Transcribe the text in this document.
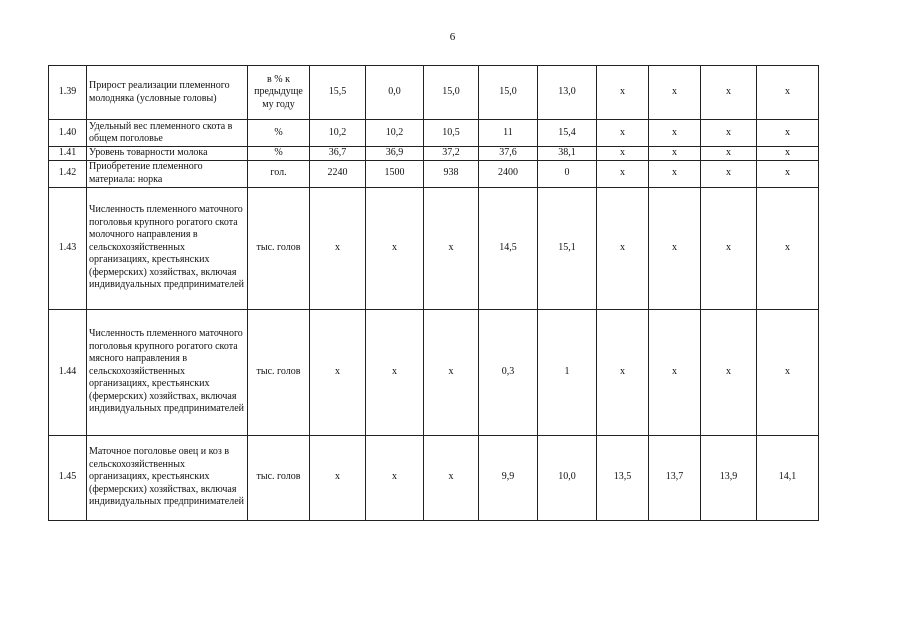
6
1.39	Прирост реализации племенного молодняка (условные головы)	в % к предыдуще му году	15,5	0,0	15,0	15,0	13,0	х	х	х	х
1.40	Удельный вес племенного скота в общем поголовье	%	10,2	10,2	10,5	11	15,4	х	х	х	х
1.41	Уровень товарности молока	%	36,7	36,9	37,2	37,6	38,1	х	х	х	х
1.42	Приобретение племенного материала: норка	гол.	2240	1500	938	2400	0	х	х	х	х
1.43	Численность племенного маточного поголовья крупного рогатого скота молочного направления в сельскохозяйственных организациях, крестьянских (фермерских) хозяйствах, включая индивидуальных предпринимателей	тыс. голов	х	х	х	14,5	15,1	х	х	х	х
1.44	Численность племенного маточного поголовья крупного рогатого скота мясного направления в сельскохозяйственных организациях, крестьянских (фермерских) хозяйствах, включая индивидуальных предпринимателей	тыс. голов	х	х	х	0,3	1	х	х	х	х
1.45	Маточное поголовье овец и коз в сельскохозяйственных организациях, крестьянских (фермерских) хозяйствах, включая индивидуальных предпринимателей	тыс. голов	х	х	х	9,9	10,0	13,5	13,7	13,9	14,1
